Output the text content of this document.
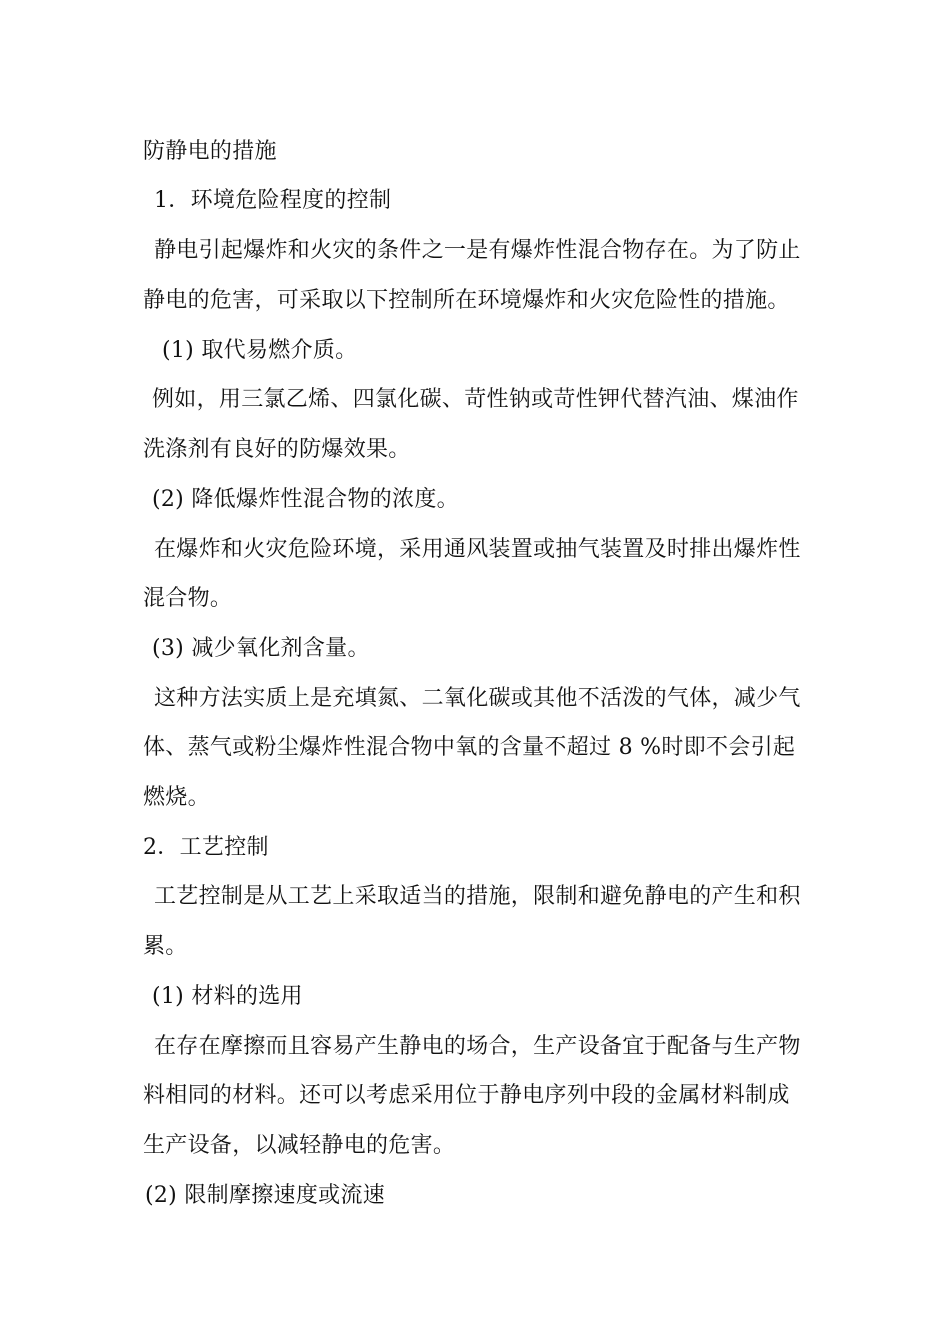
防静电的措施
1．环境危险程度的控制
静电引起爆炸和火灾的条件之一是有爆炸性混合物存在。为了防止
静电的危害，可采取以下控制所在环境爆炸和火灾危险性的措施。
(1) 取代易燃介质。
例如，用三氯乙烯、四氯化碳、苛性钠或苛性钾代替汽油、煤油作
洗涤剂有良好的防爆效果。
(2) 降低爆炸性混合物的浓度。
在爆炸和火灾危险环境，采用通风装置或抽气装置及时排出爆炸性
混合物。
(3) 减少氧化剂含量。
这种方法实质上是充填氮、二氧化碳或其他不活泼的气体，减少气
体、蒸气或粉尘爆炸性混合物中氧的含量不超过 8 %时即不会引起
燃烧。
2．工艺控制
工艺控制是从工艺上采取适当的措施，限制和避免静电的产生和积
累。
(1) 材料的选用
在存在摩擦而且容易产生静电的场合，生产设备宜于配备与生产物
料相同的材料。还可以考虑采用位于静电序列中段的金属材料制成
生产设备，以减轻静电的危害。
(2) 限制摩擦速度或流速
